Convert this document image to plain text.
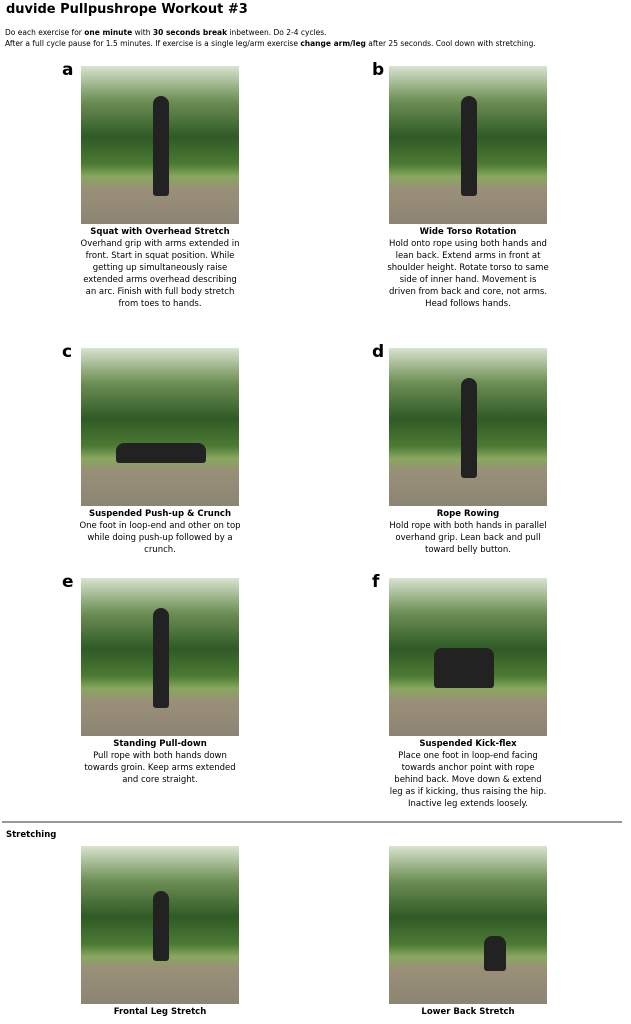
duvide Pullpushrope Workout #3
Do each exercise for one minute with 30 seconds break inbetween. Do 2-4 cycles.
After a full cycle pause for 1.5 minutes. If exercise is a single leg/arm exercise change arm/leg after 25 seconds. Cool down with stretching.
a
Squat with Overhead Stretch
Overhand grip with arms extended in front. Start in squat position. While getting up simultaneously raise extended arms overhead describing an arc. Finish with full body stretch from toes to hands.
b
Wide Torso Rotation
Hold onto rope using both hands and lean back. Extend arms in front at shoulder height. Rotate torso to same side of inner hand. Movement is driven from back and core, not arms. Head follows hands.
c
Suspended Push-up & Crunch
One foot in loop-end and other on top while doing push-up followed by a crunch.
d
Rope Rowing
Hold rope with both hands in parallel overhand grip. Lean back and pull toward belly button.
e
Standing Pull-down
Pull rope with both hands down towards groin. Keep arms extended and core straight.
f
Suspended Kick-flex
Place one foot in loop-end facing towards anchor point with rope behind back. Move down & extend leg as if kicking, thus raising the hip. Inactive leg extends loosely.
Stretching
Frontal Leg Stretch	Lower Back Stretch
